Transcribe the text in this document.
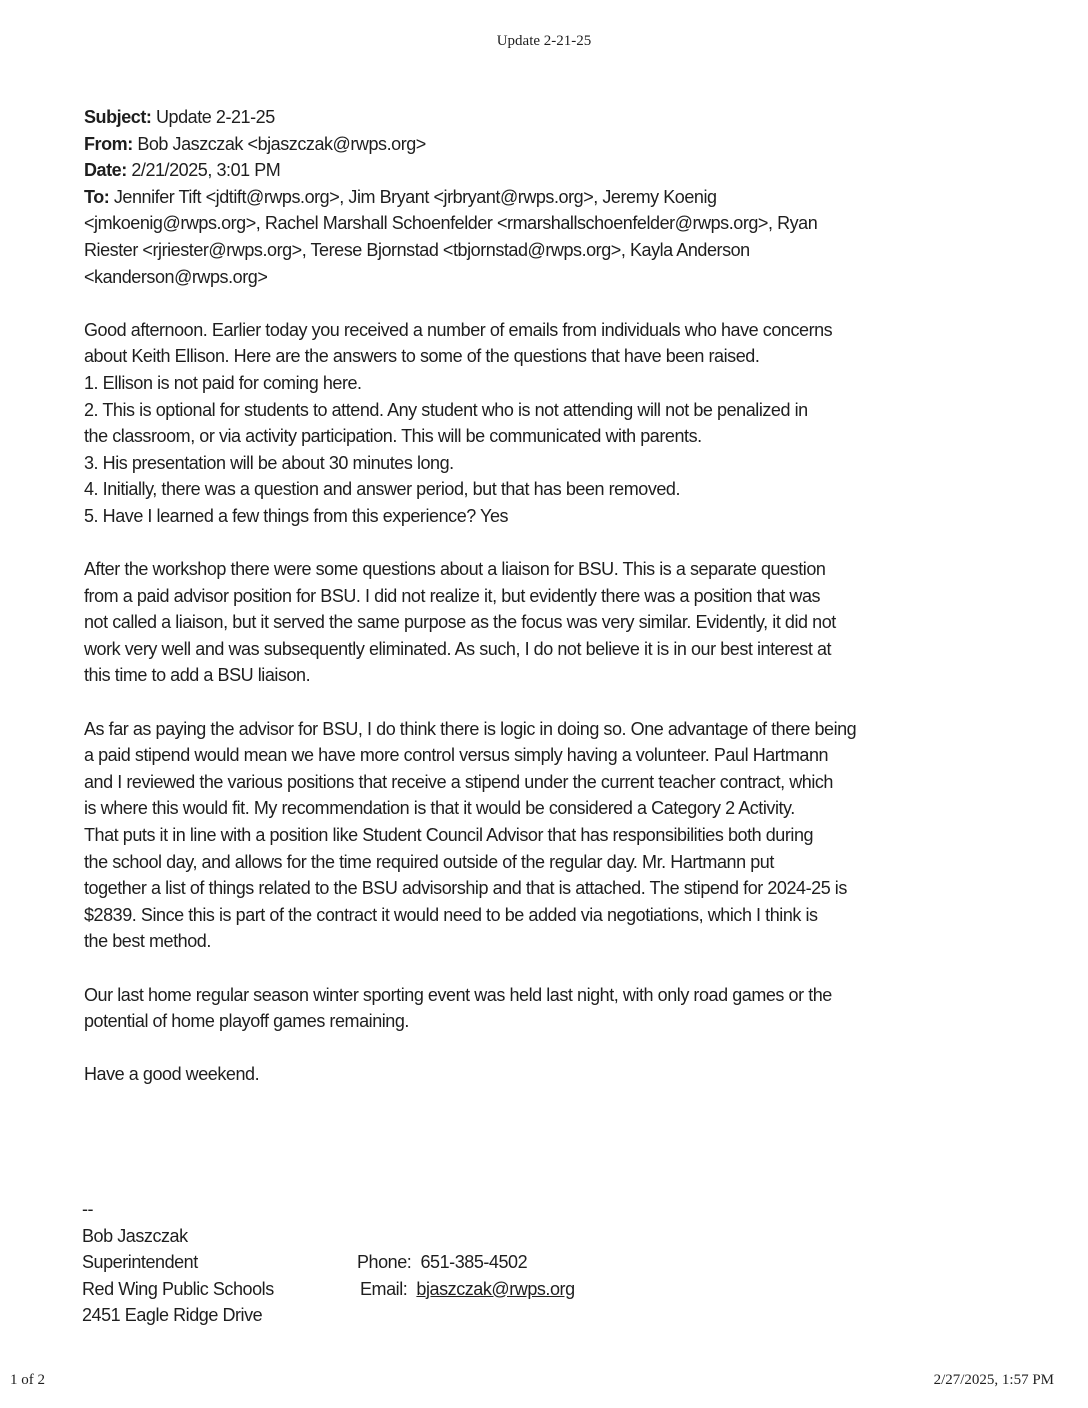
Update 2-21-25
Subject: Update 2-21-25
From: Bob Jaszczak <bjaszczak@rwps.org>
Date: 2/21/2025, 3:01 PM
To: Jennifer Tift <jdtift@rwps.org>, Jim Bryant <jrbryant@rwps.org>, Jeremy Koenig
<jmkoenig@rwps.org>, Rachel Marshall Schoenfelder <rmarshallschoenfelder@rwps.org>, Ryan
Riester <rjriester@rwps.org>, Terese Bjornstad <tbjornstad@rwps.org>, Kayla Anderson
<kanderson@rwps.org>
Good afternoon. Earlier today you received a number of emails from individuals who have concerns
about Keith Ellison. Here are the answers to some of the questions that have been raised.
1. Ellison is not paid for coming here.
2. This is optional for students to attend. Any student who is not attending will not be penalized in
the classroom, or via activity participation. This will be communicated with parents.
3. His presentation will be about 30 minutes long.
4. Initially, there was a question and answer period, but that has been removed.
5. Have I learned a few things from this experience? Yes
After the workshop there were some questions about a liaison for BSU. This is a separate question
from a paid advisor position for BSU. I did not realize it, but evidently there was a position that was
not called a liaison, but it served the same purpose as the focus was very similar. Evidently, it did not
work very well and was subsequently eliminated. As such, I do not believe it is in our best interest at
this time to add a BSU liaison.
As far as paying the advisor for BSU, I do think there is logic in doing so. One advantage of there being
a paid stipend would mean we have more control versus simply having a volunteer. Paul Hartmann
and I reviewed the various positions that receive a stipend under the current teacher contract, which
is where this would fit. My recommendation is that it would be considered a Category 2 Activity.
That puts it in line with a position like Student Council Advisor that has responsibilities both during
the school day, and allows for the time required outside of the regular day. Mr. Hartmann put
together a list of things related to the BSU advisorship and that is attached. The stipend for 2024-25 is
$2839. Since this is part of the contract it would need to be added via negotiations, which I think is
the best method.
Our last home regular season winter sporting event was held last night, with only road games or the
potential of home playoff games remaining.
Have a good weekend.
--
Bob Jaszczak
Superintendent
Red Wing Public Schools
2451 Eagle Ridge Drive
Phone: 651-385-4502
Email: bjaszczak@rwps.org
1 of 2	2/27/2025, 1:57 PM
